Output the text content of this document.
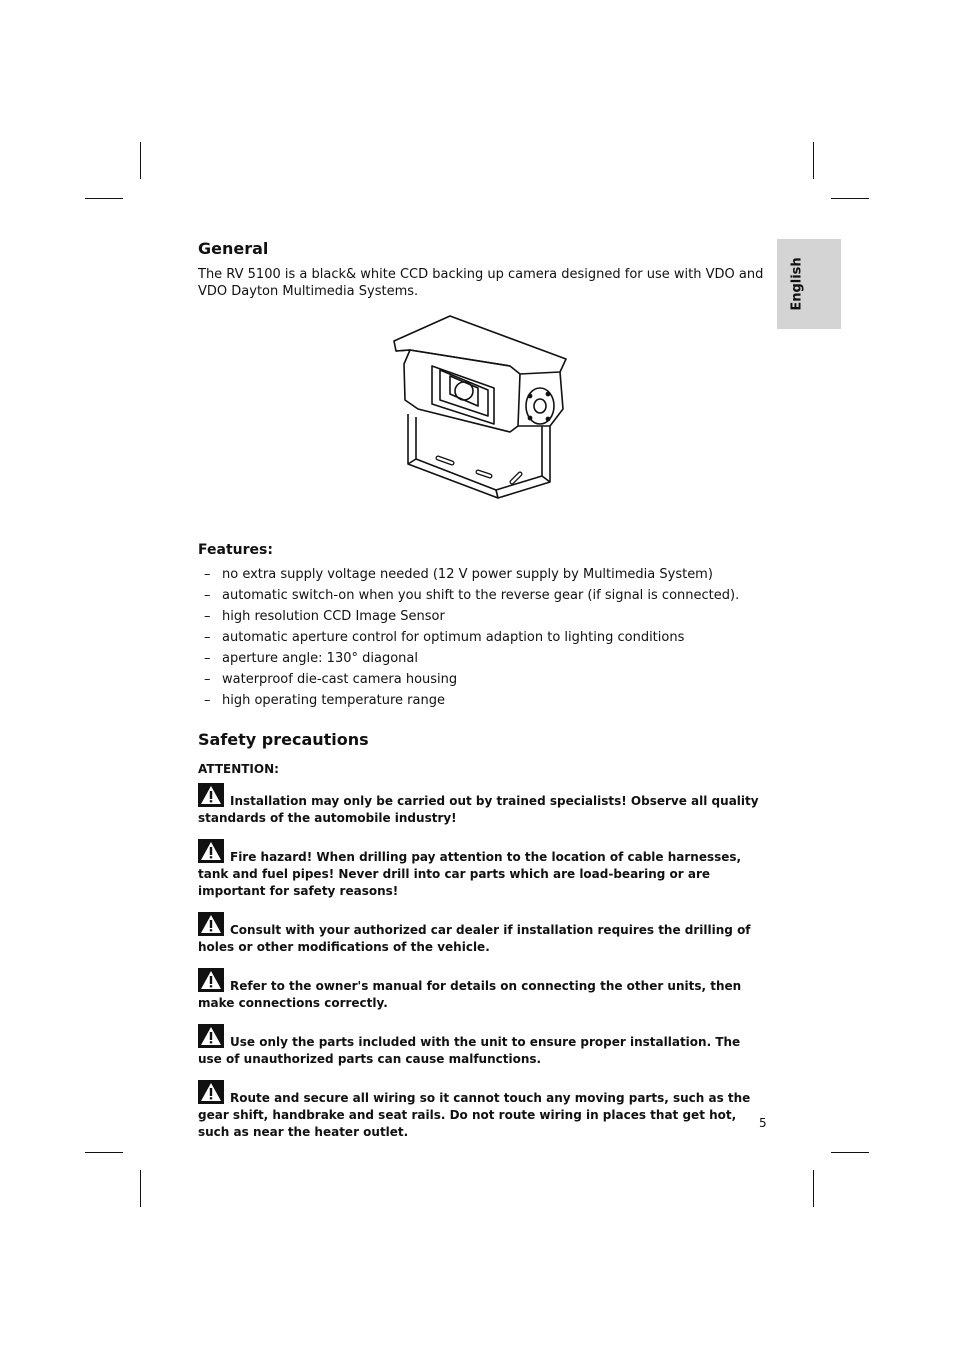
English
General

The RV 5100 is a black& white CCD backing up camera designed for use with VDO and VDO Dayton Multimedia Systems.

Features:
– no extra supply voltage needed (12 V power supply by Multimedia System)
– automatic switch-on when you shift to the reverse gear (if signal is connected).
– high resolution CCD Image Sensor
– automatic aperture control for optimum adaption to lighting conditions
– aperture angle: 130° diagonal
– waterproof die-cast camera housing
– high operating temperature range
Safety precautions
ATTENTION:

Installation may only be carried out by trained specialists! Observe all quality standards of the automobile industry!

Fire hazard! When drilling pay attention to the location of cable harnesses, tank and fuel pipes! Never drill into car parts which are load-bearing or are important for safety reasons!

Consult with your authorized car dealer if installation requires the drilling of holes or other modifications of the vehicle.

Refer to the owner's manual for details on connecting the other units, then make connections correctly.

Use only the parts included with the unit to ensure proper installation. The use of unauthorized parts can cause malfunctions.

Route and secure all wiring so it cannot touch any moving parts, such as the gear shift, handbrake and seat rails. Do not route wiring in places that get hot, such as near the heater outlet.

5
